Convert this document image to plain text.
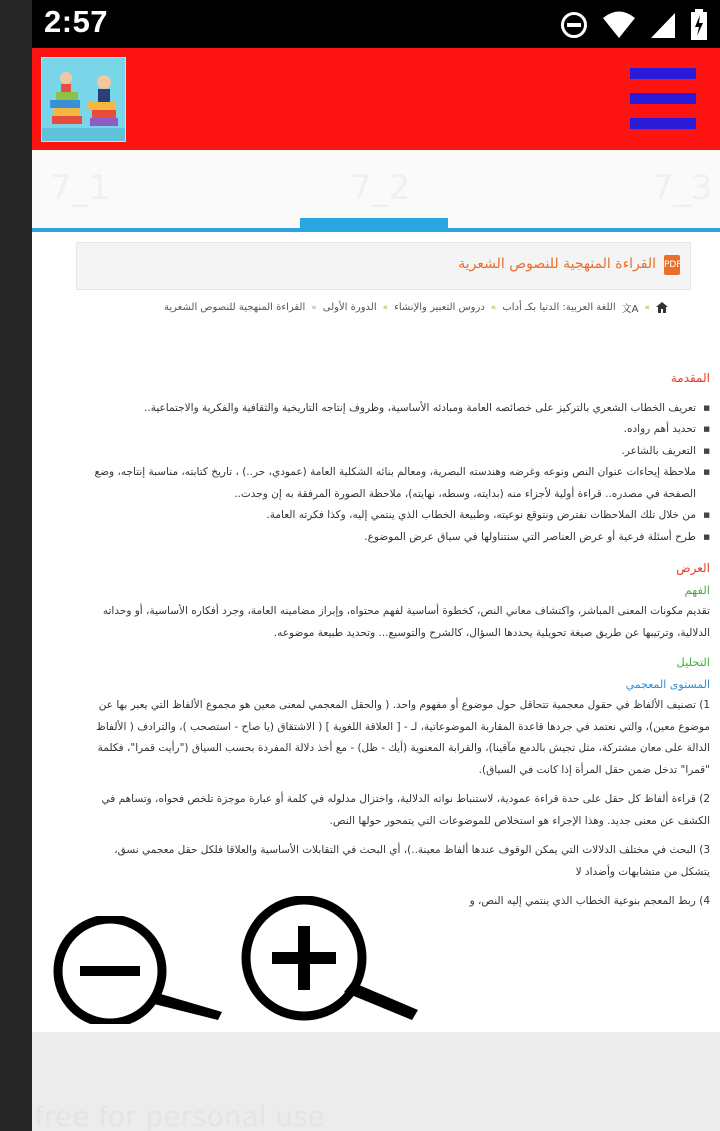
2:57
7_1	7_2	7_3
PDF
القراءة المنهجية للنصوص الشعرية
»
文A
اللغة العربية: الدنيا بكـ أداب
»
دروس التعبير والإنشاء
»
الدورة الأولى
»
القراءة المنهجية للنصوص الشعرية
المقدمة
■ تعريف الخطاب الشعري بالتركيز على خصائصه العامة ومبادئه الأساسية، وظروف إنتاجه التاريخية والثقافية والفكرية والاجتماعية..
■ تحديد أهم رواده.
■ التعريف بالشاعر.
■ ملاحظة إيحاءات عنوان النص ونوعه وغرضه وهندسته البصرية، ومعالم بنائه الشكلية العامة (عمودي، حر..) ، تاريخ كتابته، مناسبة إنتاجه، وضع الصفحة في مصدره.. قراءة أولية لأجزاء منه (بدايته، وسطه، نهايته)، ملاحظة الصورة المرفقة به إن وجدت..
■ من خلال تلك الملاحظات نفترض ونتوقع نوعيته، وطبيعة الخطاب الذي ينتمي إليه، وكذا فكرته العامة.
■ طرح أسئلة فرعية أو عرض العناصر التي سنتناولها في سياق عرض الموضوع.
العرض
الفهم
تقديم مكونات المعنى المباشر، واكتشاف معاني النص، كخطوة أساسية لفهم محتواه، وإبراز مضامينه العامة، وجرد أفكاره الأساسية، أو وحداته الدلالية، وترتيبها عن طريق صيغة تحويلية يحددها السؤال، كالشرح والتوسيع... وتحديد طبيعة موضوعه.
التحليل
المستوى المعجمي
1) تصنيف الألفاظ في حقول معجمية تتحاقل حول موضوع أو مفهوم واحد. ( والحقل المعجمي لمعنى معين هو مجموع الألفاظ التي يعبر بها عن موضوع معين)، والتي نعتمد في جردها قاعدة المقاربة الموضوعاتية، لـ - [ العلاقة اللغوية ] ( الاشتقاق (يا صاح - استصحب )، والترادف ( الألفاظ الدالة على معان مشتركة، مثل تجيش بالدمع مآقينا)، والقرابة المعنوية (أيك - ظل) - مع أخذ دلالة المفردة بحسب السياق ("رأيت قمرا"، فكلمة "قمرا" تدخل ضمن حقل المرأة إذا كانت في السياق).
2) قراءة ألفاظ كل حقل على حدة قراءة عمودية، لاستنباط نواته الدلالية، واختزال مدلوله في كلمة أو عبارة موجزة تلخص فحواه، وتساهم في الكشف عن معنى جديد. وهذا الإجراء هو استخلاص للموضوعات التي يتمحور حولها النص.
3) البحث في مختلف الدلالات التي يمكن الوقوف عندها ألفاظ معينة..)، أي البحث في التقابلات الأساسية والعلاقا فلكل حقل معجمي نسق، يتشكل من متشابهات وأضداد لا
4) ربط المعجم بنوعية الخطاب الذي ينتمي إليه النص، و
free for personal use
